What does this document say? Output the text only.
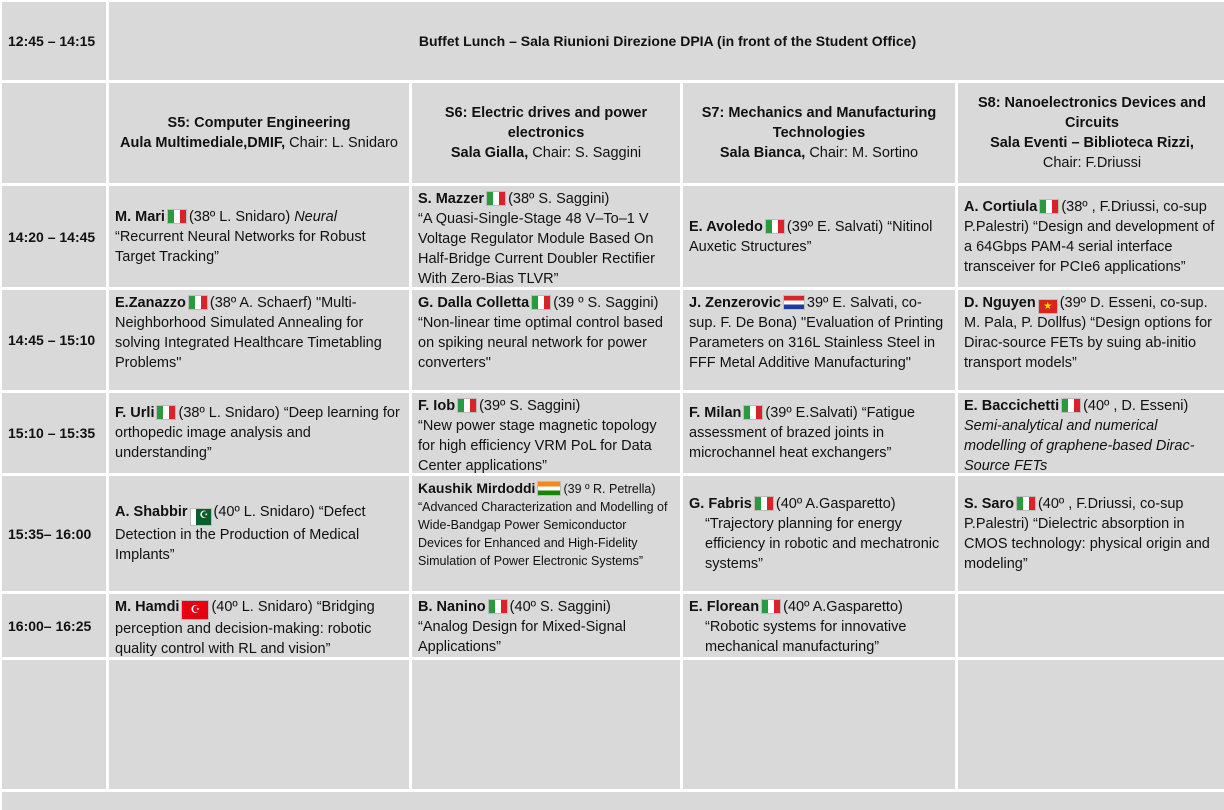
12:45 – 14:15	Buffet Lunch – Sala Riunioni Direzione DPIA (in front of the Student Office)
S5: Computer Engineering
Aula Multimediale,DMIF, Chair: L. Snidaro
S6: Electric drives and power electronics
Sala Gialla, Chair: S. Saggini
S7: Mechanics and Manufacturing Technologies
Sala Bianca, Chair: M. Sortino
S8: Nanoelectronics Devices and Circuits
Sala Eventi – Biblioteca Rizzi,
Chair: F.Driussi
14:20 – 14:45
M. Mari (38º L. Snidaro) Neural “Recurrent Neural Networks for Robust Target Tracking”
S. Mazzer (38º S. Saggini)
“A Quasi-Single-Stage 48 V–To–1 V Voltage Regulator Module Based On Half-Bridge Current Doubler Rectifier With Zero-Bias TLVR”
E. Avoledo (39º E. Salvati) “Nitinol Auxetic Structures”
A. Cortiula (38º , F.Driussi, co-sup P.Palestri) “Design and development of a 64Gbps PAM-4 serial interface transceiver for PCIe6 applications”
14:45 – 15:10
E.Zanazzo (38º A. Schaerf) "Multi-Neighborhood Simulated Annealing for solving Integrated Healthcare Timetabling Problems"
G. Dalla Colletta (39 º S. Saggini)
“Non-linear time optimal control based on spiking neural network for power converters"
J. Zenzerovic 39º E. Salvati, co-sup. F. De Bona) "Evaluation of Printing Parameters on 316L Stainless Steel in FFF Metal Additive Manufacturing"
D. Nguyen ★ (39º D. Esseni, co-sup. M. Pala, P. Dollfus) “Design options for Dirac-source FETs by suing ab-initio transport models”
15:10 – 15:35
F. Urli (38º L. Snidaro) “Deep learning for orthopedic image analysis and understanding”
F. Iob (39º S. Saggini)
“New power stage magnetic topology for high efficiency VRM PoL for Data Center applications”
F. Milan (39º E.Salvati) “Fatigue assessment of brazed joints in microchannel heat exchangers”
E. Baccichetti (40º , D. Esseni)
Semi-analytical and numerical modelling of graphene-based Dirac-Source FETs
15:35– 16:00
A. Shabbir ☪ (40º L. Snidaro) “Defect Detection in the Production of Medical Implants”
Kaushik Mirdoddi (39 º R. Petrella)
“Advanced Characterization and Modelling of Wide-Bandgap Power Semiconductor Devices for Enhanced and High-Fidelity Simulation of Power Electronic Systems”
G. Fabris (40º A.Gasparetto)
“Trajectory planning for energy efficiency in robotic and mechatronic systems”
S. Saro (40º , F.Driussi, co-sup P.Palestri) “Dielectric absorption in CMOS technology: physical origin and modeling”
16:00– 16:25
M. Hamdi ☪ (40º L. Snidaro) “Bridging perception and decision-making: robotic quality control with RL and vision”
B. Nanino (40º S. Saggini)
“Analog Design for Mixed-Signal Applications”
E. Florean (40º A.Gasparetto)
“Robotic systems for innovative mechanical manufacturing”
